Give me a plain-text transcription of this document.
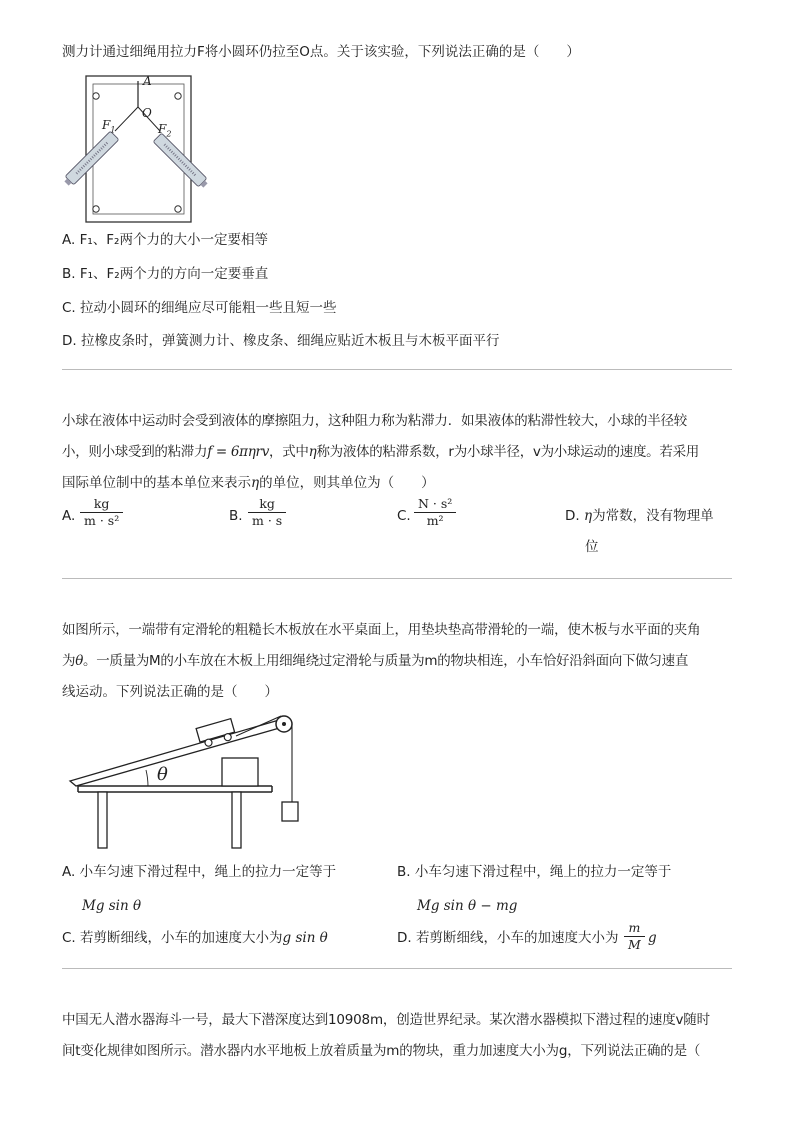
测力计通过细绳用拉力F将小圆环仍拉至O点。关于该实验，下列说法正确的是（　　）
A
O
$F_1$	$F_2$
A. F₁、F₂两个力的大小一定要相等
B. F₁、F₂两个力的方向一定要垂直
C. 拉动小圆环的细绳应尽可能粗一些且短一些
D. 拉橡皮条时，弹簧测力计、橡皮条、细绳应贴近木板且与木板平面平行
小球在液体中运动时会受到液体的摩擦阻力，这种阻力称为粘滞力．如果液体的粘滞性较大，小球的半径较
小，则小球受到的粘滞力f = 6πηrv，式中η称为液体的粘滞系数，r为小球半径，v为小球运动的速度。若采用
国际单位制中的基本单位来表示η的单位，则其单位为（　　）
A.
kg
m · s²	B.
kg
m · s	C.
N · s²
m²	D. η为常数，没有物理单
位
如图所示，一端带有定滑轮的粗糙长木板放在水平桌面上，用垫块垫高带滑轮的一端，使木板与水平面的夹角
为θ。一质量为M的小车放在木板上用细绳绕过定滑轮与质量为m的物块相连，小车恰好沿斜面向下做匀速直
线运动。下列说法正确的是（　　）
θ
A. 小车匀速下滑过程中，绳上的拉力一定等于
Mg sin θ
B. 小车匀速下滑过程中，绳上的拉力一定等于
Mg sin θ − mg
C. 若剪断细线，小车的加速度大小为g sin θ	D. 若剪断细线，小车的加速度大小为
m
M g
中国无人潜水器海斗一号，最大下潜深度达到10908m，创造世界纪录。某次潜水器模拟下潜过程的速度v随时
间t变化规律如图所示。潜水器内水平地板上放着质量为m的物块，重力加速度大小为g，下列说法正确的是（
